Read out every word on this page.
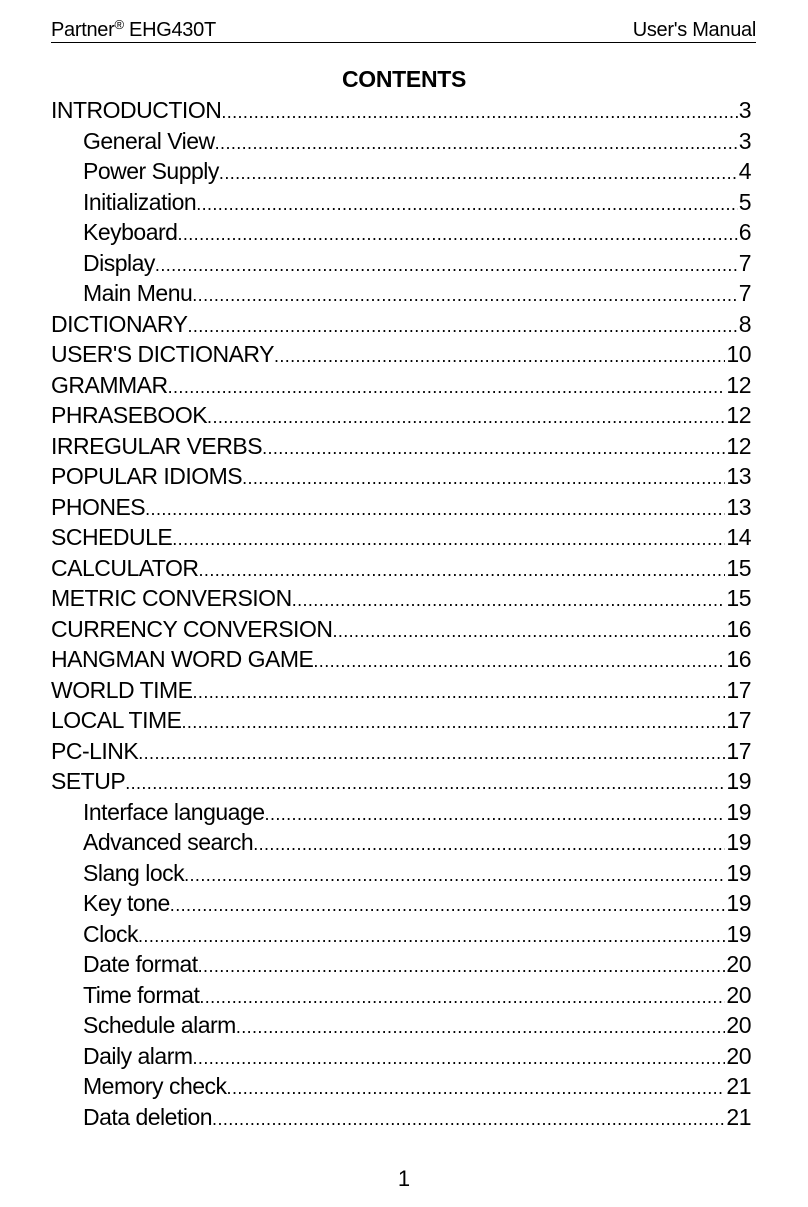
Partner® EHG430T	User's Manual
CONTENTS
INTRODUCTION .....	3
General View .....	3
Power Supply .....	4
Initialization .....	5
Keyboard .....	6
Display .....	7
Main Menu .....	7
DICTIONARY .....	8
USER'S DICTIONARY .....	10
GRAMMAR .....	12
PHRASEBOOK .....	12
IRREGULAR VERBS .....	12
POPULAR IDIOMS .....	13
PHONES .....	13
SCHEDULE .....	14
CALCULATOR .....	15
METRIC CONVERSION .....	15
CURRENCY CONVERSION .....	16
HANGMAN WORD GAME .....	16
WORLD TIME .....	17
LOCAL TIME .....	17
PC-LINK .....	17
SETUP .....	19
Interface language .....	19
Advanced search .....	19
Slang lock .....	19
Key tone .....	19
Clock .....	19
Date format .....	20
Time format .....	20
Schedule alarm .....	20
Daily alarm .....	20
Memory check .....	21
Data deletion .....	21
1
